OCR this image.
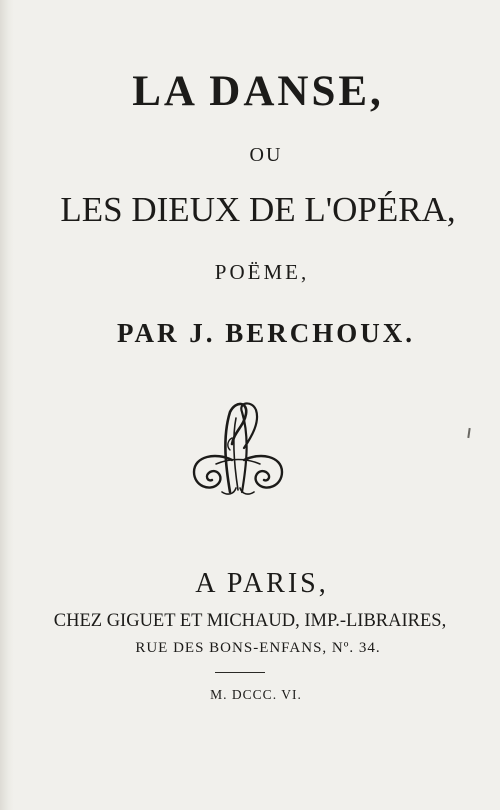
LA DANSE,
OU
LES DIEUX DE L'OPÉRA,
POËME,
PAR J. BERCHOUX.
A PARIS,
CHEZ GIGUET ET MICHAUD, IMP.-LIBRAIRES,
RUE DES BONS-ENFANS, Nº. 34.
M. DCCC. VI.
